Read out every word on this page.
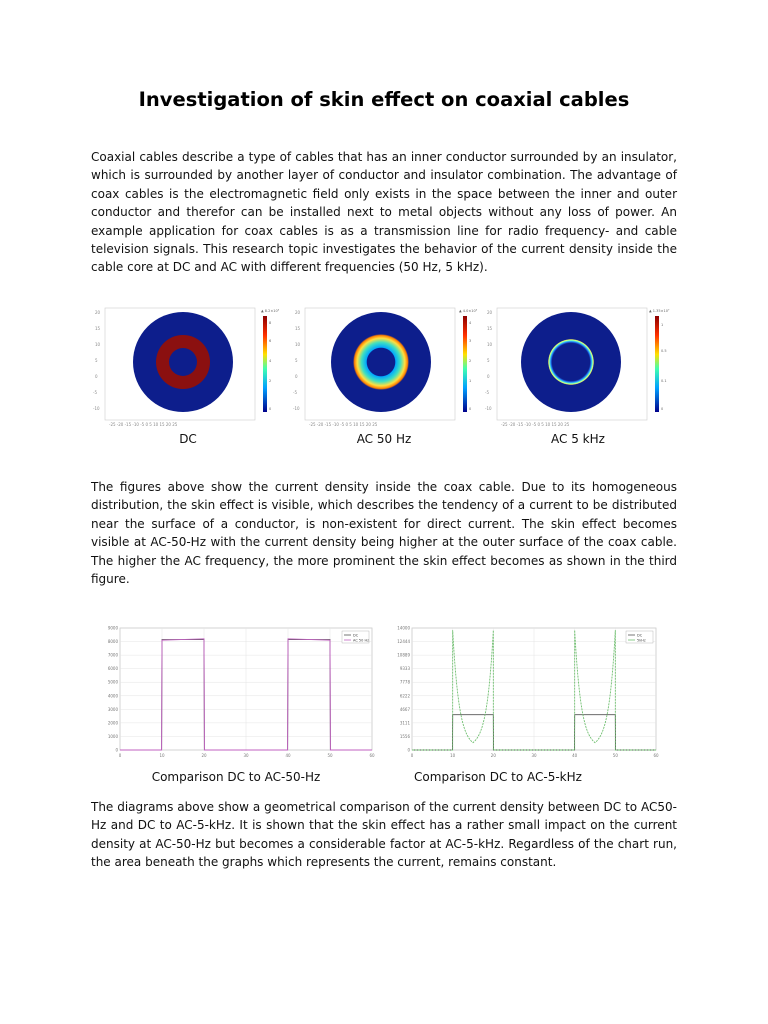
Investigation of skin effect on coaxial cables
Coaxial cables describe a type of cables that has an inner conductor surrounded by an insulator, which is surrounded by another layer of conductor and insulator combination. The advantage of coax cables is the electromagnetic field only exists in the space between the inner and outer conductor and therefor can be installed next to metal objects without any loss of power. An example application for coax cables is as a transmission line for radio frequency- and cable television signals. This research topic investigates the behavior of the current density inside the cable core at DC and AC with different frequencies (50 Hz, 5 kHz).
20
15
10
5
0
-5
-10
-25 -20 -15 -10 -5 0 5 10 15 20 25
▲ 8.2×10⁶
8
6
4
2
0
20
15
10
5
0
-5
-10
-25 -20 -15 -10 -5 0 5 10 15 20 25
▲ 4.0×10⁶
4
3
2
1
0
20
15
10
5
0
-5
-10
-25 -20 -15 -10 -5 0 5 10 15 20 25
▲ 1.35×10⁷
1
0.5
0.1
0
DC	AC 50 Hz	AC 5 kHz
The figures above show the current density inside the coax cable. Due to its homogeneous distribution, the skin effect is visible, which describes the tendency of a current to be distributed near the surface of a conductor, is non-existent for direct current. The skin effect becomes visible at AC-50-Hz with the current density being higher at the outer surface of the coax cable. The higher the AC frequency, the more prominent the skin effect becomes as shown in the third figure.
0	10	20	30	40	50	60
0
1000
2000
3000
4000
5000
6000
7000
8000
9000
DC
AC 50 Hz
0	10	20	30	40	50	60
0
1556
3111
4667
6222
7778
9333
10889
12444
14000
DC
5kHz
Comparison DC to AC-50-Hz	Comparison DC to AC-5-kHz
The diagrams above show a geometrical comparison of the current density between DC to AC50-Hz and DC to AC-5-kHz. It is shown that the skin effect has a rather small impact on the current density at AC-50-Hz but becomes a considerable factor at AC-5-kHz. Regardless of the chart run, the area beneath the graphs which represents the current, remains constant.
